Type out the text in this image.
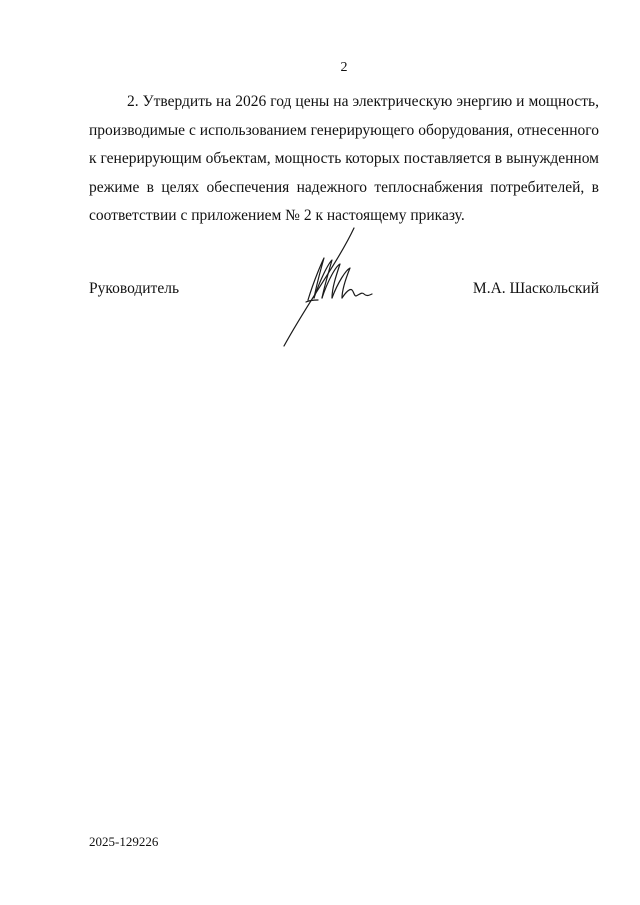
2

2. Утвердить на 2026 год цены на электрическую энергию и мощность, производимые с использованием генерирующего оборудования, отнесенного к генерирующим объектам, мощность которых поставляется в вынужденном режиме в целях обеспечения надежного теплоснабжения потребителей, в соответствии с приложением № 2 к настоящему приказу.

Руководитель	М.А. Шаскольский
2025-129226
